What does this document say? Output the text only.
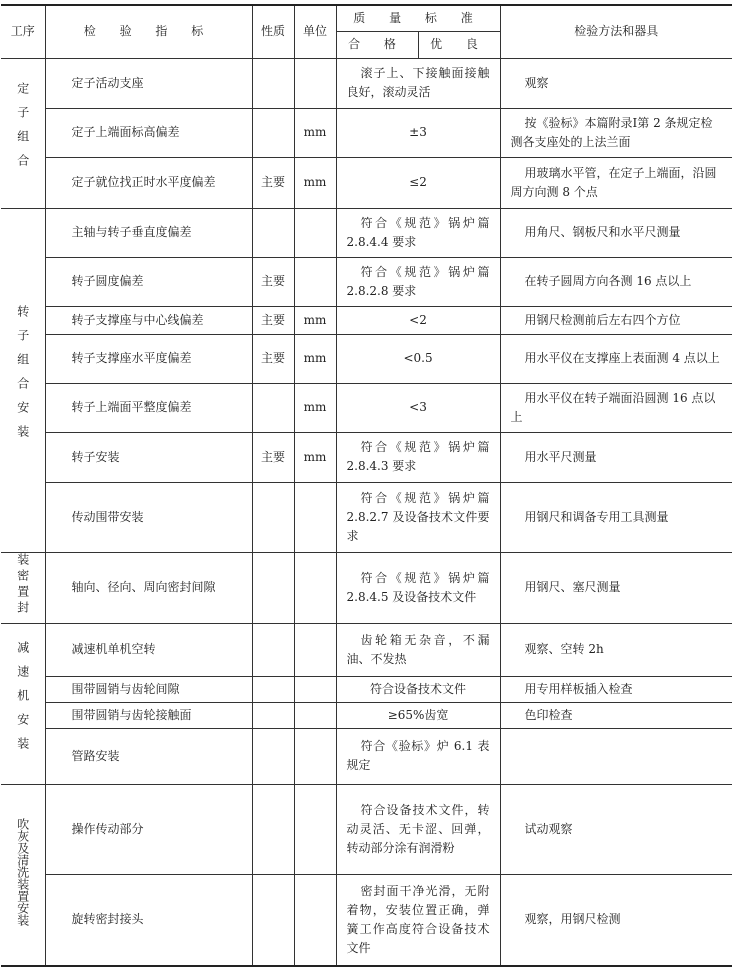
工序	检 验 指 标	性质	单位	质 量 标 准		检验方法和器具
				合 格	优 良	
定子组合	定子活动支座			滚子上、下接触面接触良好，滚动灵活		观察
	定子上端面标高偏差		mm	±3		按《验标》本篇附录Ⅰ第 2 条规定检测各支座处的上法兰面
	定子就位找正时水平度偏差	主要	mm	≤2		用玻璃水平管，在定子上端面，沿圆周方向测 8 个点
转子组合安装	主轴与转子垂直度偏差			符合《规范》锅炉篇 2.8.4.4 要求		用角尺、钢板尺和水平尺测量
	转子圆度偏差	主要		符合《规范》锅炉篇 2.8.2.8 要求		在转子圆周方向各测 16 点以上
	转子支撑座与中心线偏差	主要	mm	<2		用钢尺检测前后左右四个方位
	转子支撑座水平度偏差	主要	mm	<0.5		用水平仪在支撑座上表面测 4 点以上
	转子上端面平整度偏差		mm	<3		用水平仪在转子端面沿圆测 16 点以上
	转子安装	主要	mm	符合《规范》锅炉篇 2.8.4.3 要求		用水平尺测量
	传动围带安装			符合《规范》锅炉篇 2.8.2.7 及设备技术文件要求		用钢尺和调备专用工具测量
装密置封	轴向、径向、周向密封间隙			符合《规范》锅炉篇 2.8.4.5 及设备技术文件		用钢尺、塞尺测量
减速机安装	减速机单机空转			齿轮箱无杂音，不漏油、不发热		观察、空转 2h
	围带圆销与齿轮间隙			符合设备技术文件		用专用样板插入检查
	围带圆销与齿轮接触面			≥65%齿宽		色印检查
	管路安装			符合《验标》炉 6.1 表规定		
吹灰及清洗装置安装	操作传动部分			符合设备技术文件，转动灵活、无卡涩、回弹，转动部分涂有润滑粉		试动观察
	旋转密封接头			密封面干净光滑，无附着物，安装位置正确，弹簧工作高度符合设备技术文件		观察，用钢尺检测
